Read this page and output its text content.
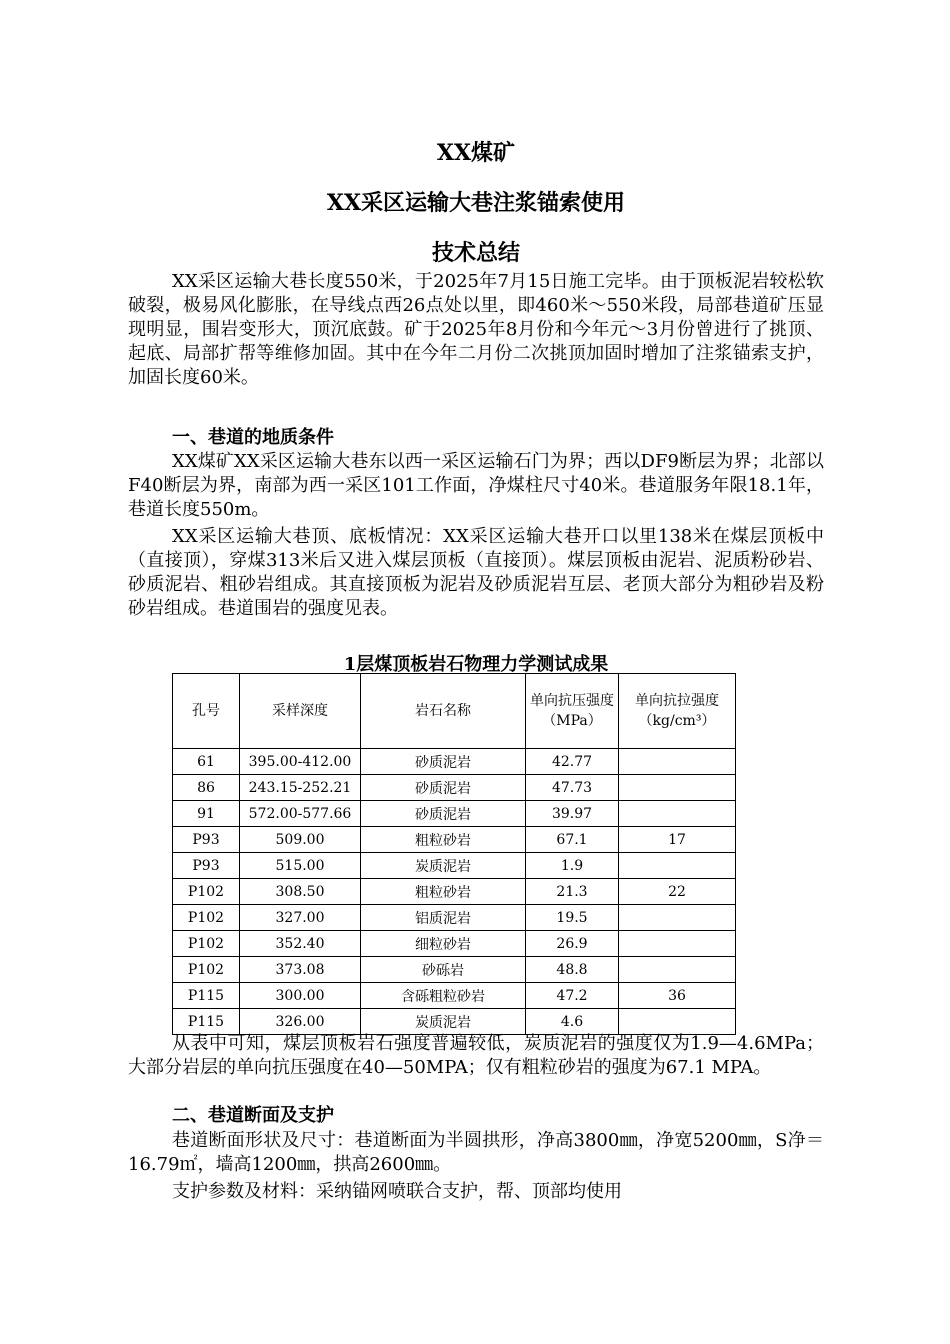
XX煤矿

XX采区运输大巷注浆锚索使用

技术总结

XX采区运输大巷长度550米，于2025年7月15日施工完毕。由于顶板泥岩较松软破裂，极易风化膨胀，在导线点西26点处以里，即460米～550米段，局部巷道矿压显现明显，围岩变形大，顶沉底鼓。矿于2025年8月份和今年元～3月份曾进行了挑顶、起底、局部扩帮等维修加固。其中在今年二月份二次挑顶加固时增加了注浆锚索支护，加固长度60米。

一、巷道的地质条件

XX煤矿XX采区运输大巷东以西一采区运输石门为界；西以DF9断层为界；北部以F40断层为界，南部为西一采区101工作面，净煤柱尺寸40米。巷道服务年限18.1年，巷道长度550m。

XX采区运输大巷顶、底板情况：XX采区运输大巷开口以里138米在煤层顶板中（直接顶），穿煤313米后又进入煤层顶板（直接顶）。煤层顶板由泥岩、泥质粉砂岩、砂质泥岩、粗砂岩组成。其直接顶板为泥岩及砂质泥岩互层、老顶大部分为粗砂岩及粉砂岩组成。巷道围岩的强度见表。

1层煤顶板岩石物理力学测试成果

孔号	采样深度	岩石名称	单向抗压强度（MPa）	单向抗拉强度（kg/cm³）
61	395.00-412.00	砂质泥岩	42.77	
86	243.15-252.21	砂质泥岩	47.73	
91	572.00-577.66	砂质泥岩	39.97	
P93	509.00	粗粒砂岩	67.1	17
P93	515.00	炭质泥岩	1.9	
P102	308.50	粗粒砂岩	21.3	22
P102	327.00	铝质泥岩	19.5	
P102	352.40	细粒砂岩	26.9	
P102	373.08	砂砾岩	48.8	
P115	300.00	含砾粗粒砂岩	47.2	36
P115	326.00	炭质泥岩	4.6	

从表中可知，煤层顶板岩石强度普遍较低，炭质泥岩的强度仅为1.9—4.6MPa；大部分岩层的单向抗压强度在40—50MPA；仅有粗粒砂岩的强度为67.1 MPA。

二、巷道断面及支护

巷道断面形状及尺寸：巷道断面为半圆拱形，净高3800㎜，净宽5200㎜，S净＝16.79㎡，墙高1200㎜，拱高2600㎜。

支护参数及材料：采纳锚网喷联合支护，帮、顶部均使用
